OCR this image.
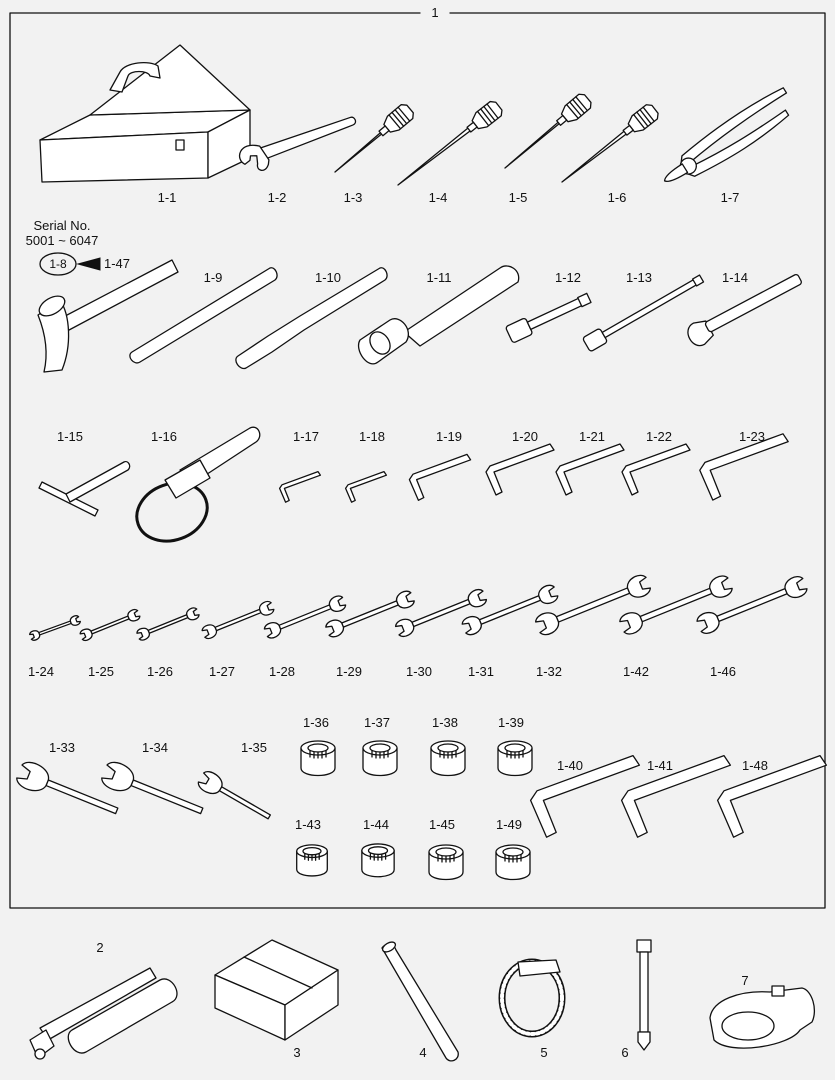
1
Serial No.
5001 ~ 6047
1-8	1-47
1-1	1-2	1-3	1-4	1-5	1-6	1-7
1-9	1-10	1-11	1-12	1-13	1-14
1-15	1-16	1-17	1-18	1-19	1-20	1-21	1-22	1-23
1-24	1-25	1-26	1-27	1-28	1-29	1-30	1-31	1-32	1-42	1-46
1-33	1-34	1-35
1-36	1-37	1-38	1-39
1-40	1-41	1-48
1-43	1-44	1-45	1-49
2
3	4	5	6
7
